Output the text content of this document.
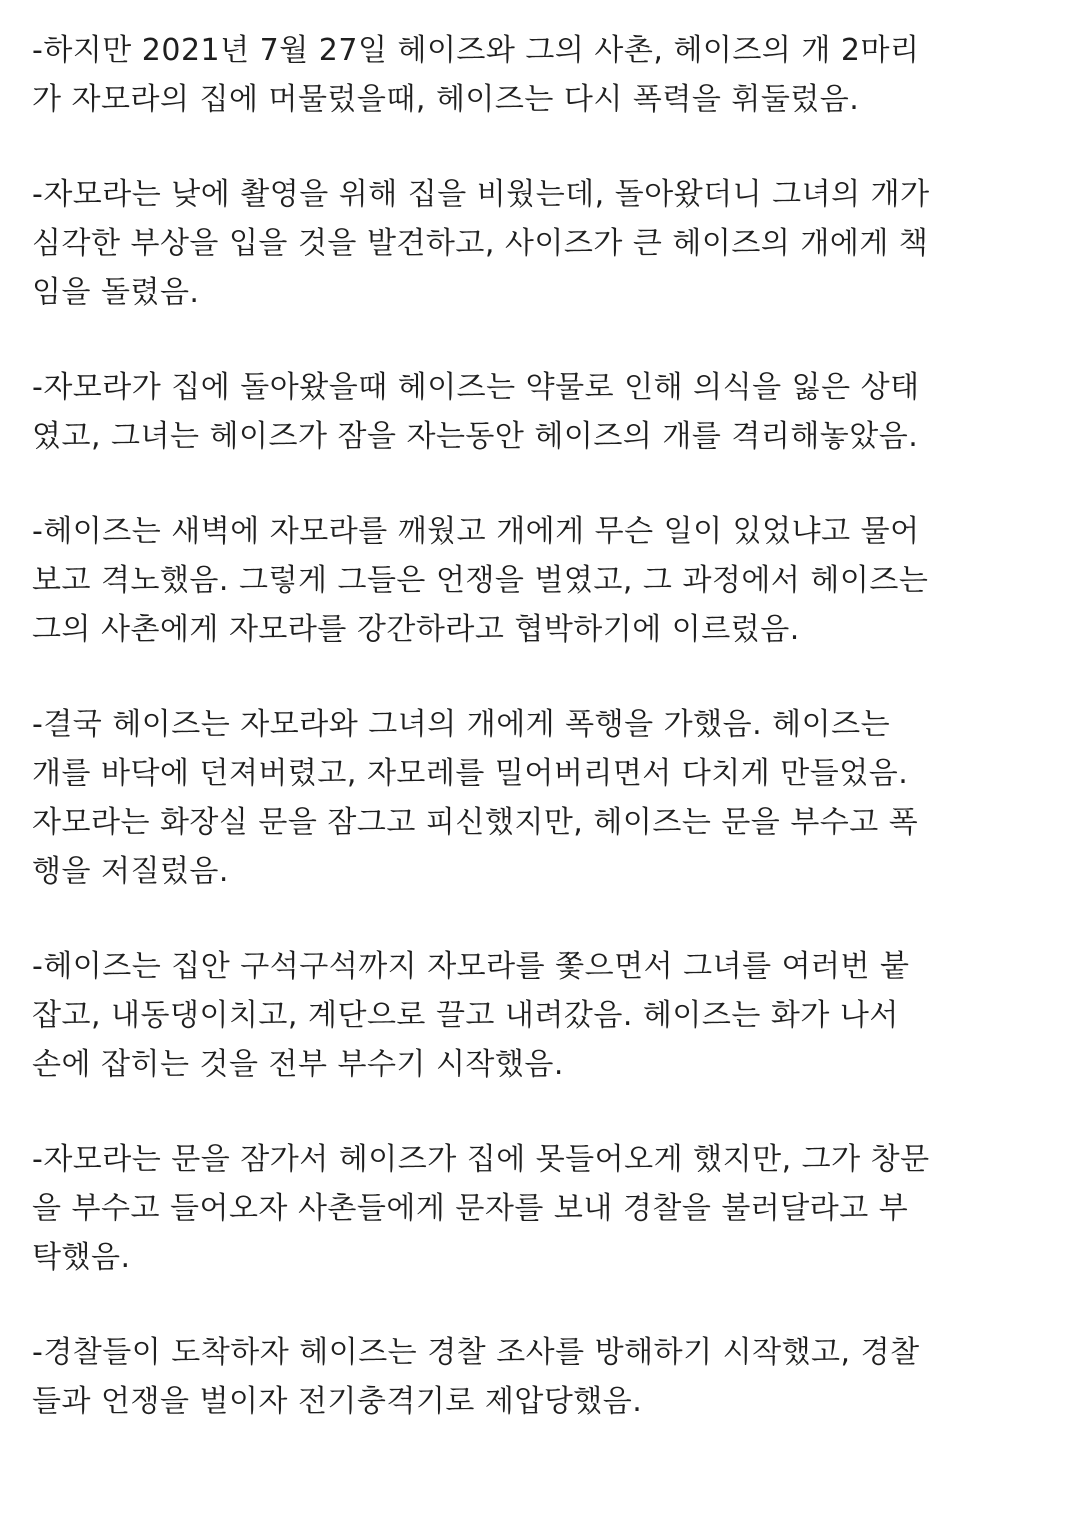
-하지만 2021년 7월 27일 헤이즈와 그의 사촌, 헤이즈의 개 2마리
가 자모라의 집에 머물렀을때, 헤이즈는 다시 폭력을 휘둘렀음.
-자모라는 낮에 촬영을 위해 집을 비웠는데, 돌아왔더니 그녀의 개가
심각한 부상을 입을 것을 발견하고, 사이즈가 큰 헤이즈의 개에게 책
임을 돌렸음.
-자모라가 집에 돌아왔을때 헤이즈는 약물로 인해 의식을 잃은 상태
였고, 그녀는 헤이즈가 잠을 자는동안 헤이즈의 개를 격리해놓았음.
-헤이즈는 새벽에 자모라를 깨웠고 개에게 무슨 일이 있었냐고 물어
보고 격노했음. 그렇게 그들은 언쟁을 벌였고, 그 과정에서 헤이즈는
그의 사촌에게 자모라를 강간하라고 협박하기에 이르렀음.
-결국 헤이즈는 자모라와 그녀의 개에게 폭행을 가했음. 헤이즈는
개를 바닥에 던져버렸고, 자모레를 밀어버리면서 다치게 만들었음.
자모라는 화장실 문을 잠그고 피신했지만, 헤이즈는 문을 부수고 폭
행을 저질렀음.
-헤이즈는 집안 구석구석까지 자모라를 쫓으면서 그녀를 여러번 붙
잡고, 내동댕이치고, 계단으로 끌고 내려갔음. 헤이즈는 화가 나서
손에 잡히는 것을 전부 부수기 시작했음.
-자모라는 문을 잠가서 헤이즈가 집에 못들어오게 했지만, 그가 창문
을 부수고 들어오자 사촌들에게 문자를 보내 경찰을 불러달라고 부
탁했음.
-경찰들이 도착하자 헤이즈는 경찰 조사를 방해하기 시작했고, 경찰
들과 언쟁을 벌이자 전기충격기로 제압당했음.
